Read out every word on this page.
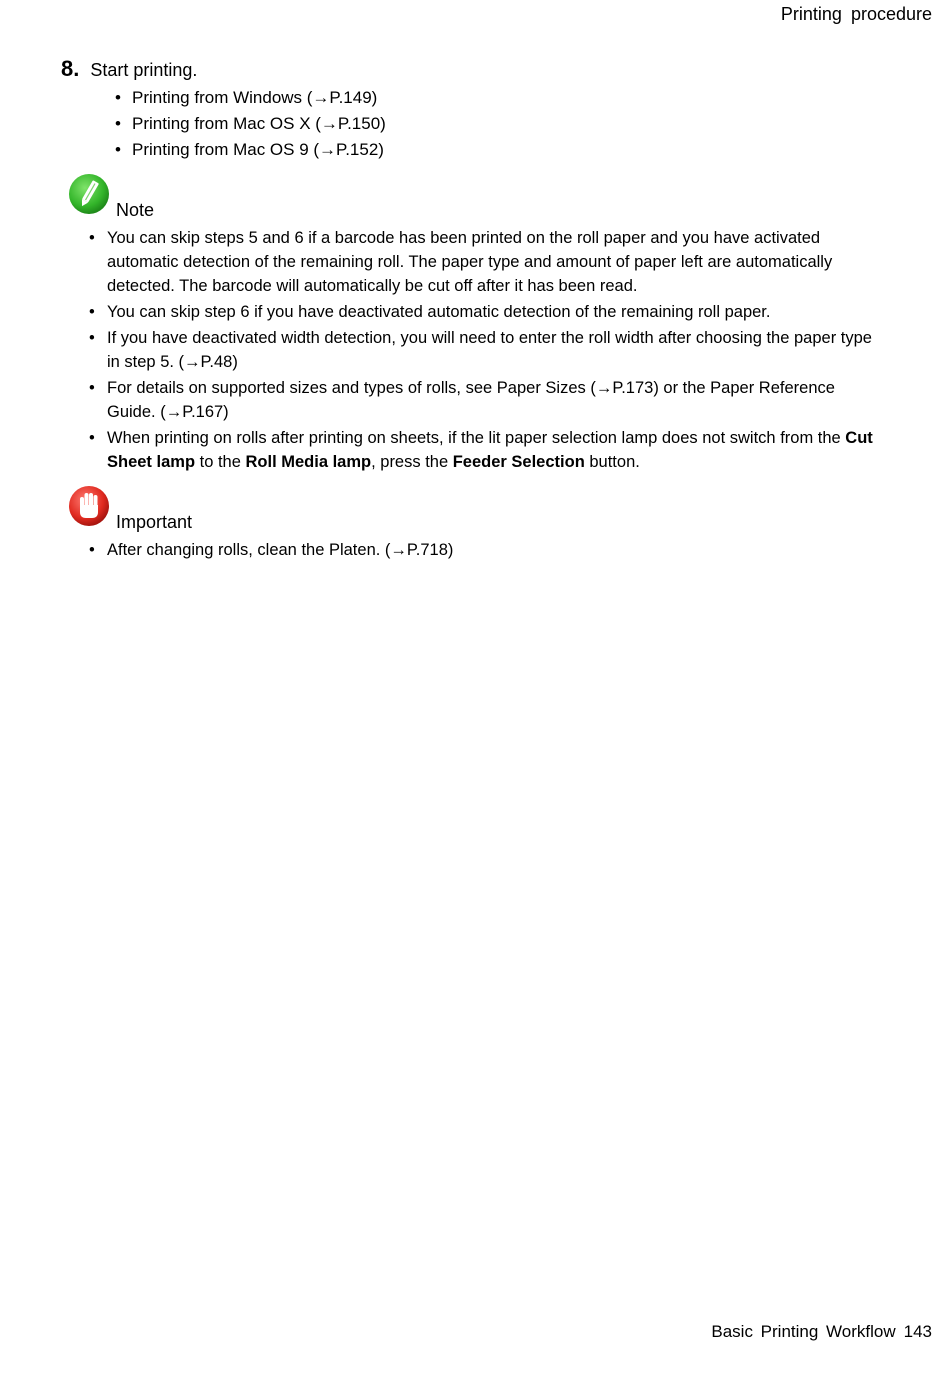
Printing procedure
8. Start printing.
• Printing from Windows (→P.149)
• Printing from Mac OS X (→P.150)
• Printing from Mac OS 9 (→P.152)
Note
• You can skip steps 5 and 6 if a barcode has been printed on the roll paper and you have activated automatic detection of the remaining roll. The paper type and amount of paper left are automatically detected. The barcode will automatically be cut off after it has been read.
• You can skip step 6 if you have deactivated automatic detection of the remaining roll paper.
• If you have deactivated width detection, you will need to enter the roll width after choosing the paper type in step 5. (→P.48)
• For details on supported sizes and types of rolls, see Paper Sizes (→P.173) or the Paper Reference Guide. (→P.167)
• When printing on rolls after printing on sheets, if the lit paper selection lamp does not switch from the Cut Sheet lamp to the Roll Media lamp, press the Feeder Selection button.
Important
• After changing rolls, clean the Platen. (→P.718)
Basic Printing Workflow 143
